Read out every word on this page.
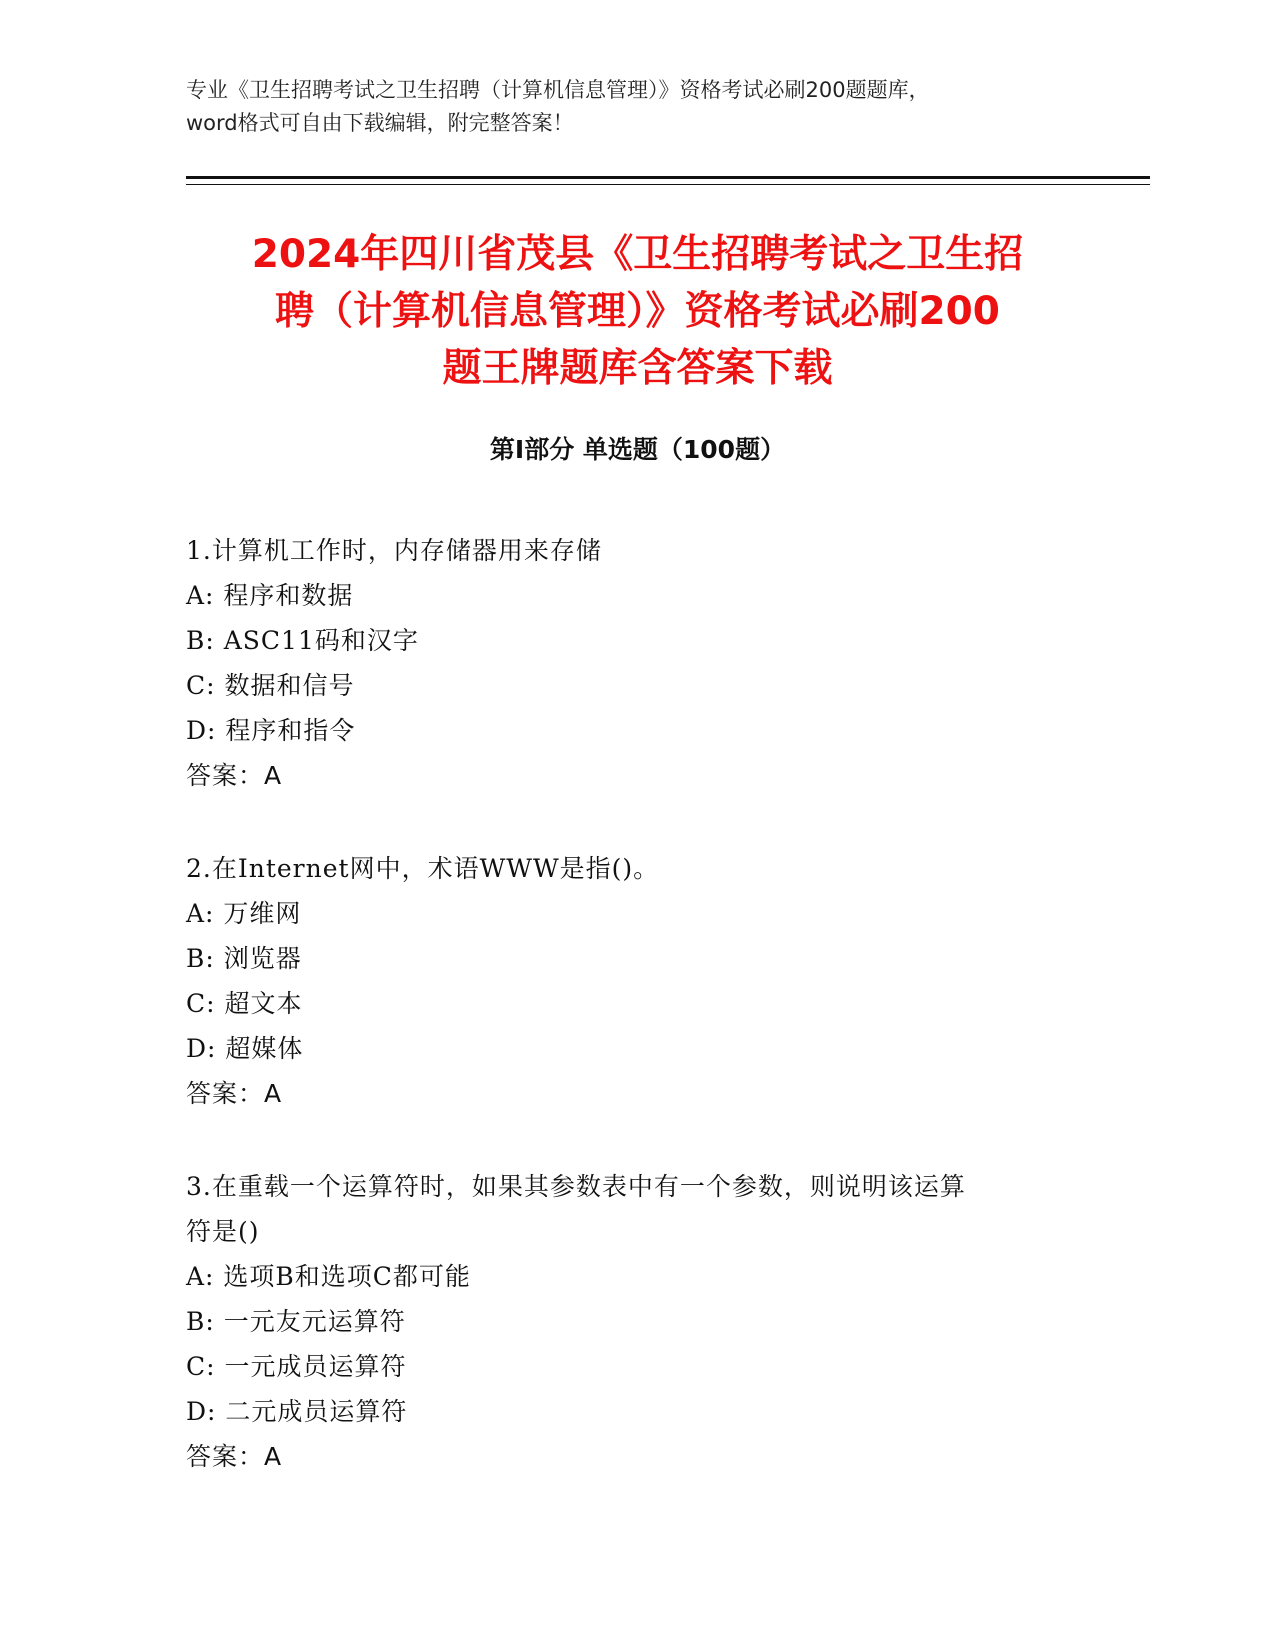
专业《卫生招聘考试之卫生招聘（计算机信息管理）》资格考试必刷200题题库，
word格式可自由下载编辑，附完整答案！
2024年四川省茂县《卫生招聘考试之卫生招
聘（计算机信息管理）》资格考试必刷200
题王牌题库含答案下载
第I部分 单选题（100题）
1.计算机工作时，内存储器用来存储
A: 程序和数据
B: ASC11码和汉字
C: 数据和信号
D: 程序和指令
答案：A
2.在Internet网中，术语WWW是指()。
A: 万维网
B: 浏览器
C: 超文本
D: 超媒体
答案：A
3.在重载一个运算符时，如果其参数表中有一个参数，则说明该运算
符是()
A: 选项B和选项C都可能
B: 一元友元运算符
C: 一元成员运算符
D: 二元成员运算符
答案：A
